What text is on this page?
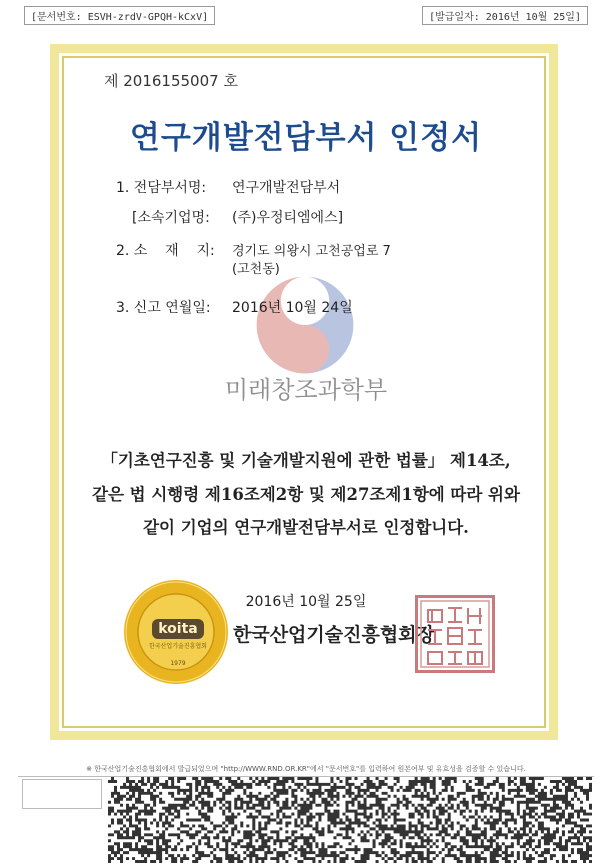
[문서번호: ESVH-zrdV-GPQH-kCxV]	[발급일자: 2016년 10월 25일]
제 2016155007 호
연구개발전담부서 인정서
1. 전담부서명: 연구개발전담부서
[소속기업명: (주)우정티엠에스]
2. 소    재    지: 경기도 의왕시 고천공업로 7
(고천동)
3. 신고 연월일: 2016년 10월 24일
미래창조과학부
「기초연구진흥 및 기술개발지원에 관한 법률」 제14조,
같은 법 시행령 제16조제2항 및 제27조제1항에 따라 위와
같이 기업의 연구개발전담부서로 인정합니다.
2016년 10월 25일
koita
한국산업기술진흥협회
1979
한국산업기술진흥협회장
※ 한국산업기술진흥협회에서 발급되었으며 "http://WWW.RND.OR.KR"에서 "문서번호"를 입력하여 원본여부 및 유효성을 검증할 수 있습니다.
